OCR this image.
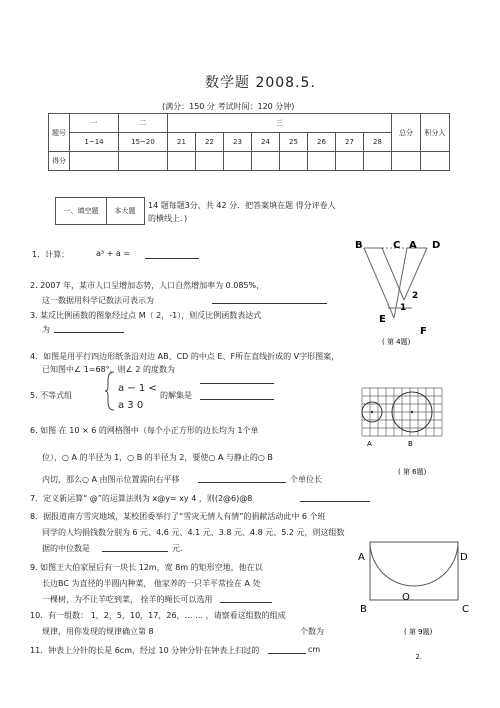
数学题 2008.5.
(满分：150 分 考试时间：120 分钟)
题号	一	二	三								总分	积分人
	1~14	15~20	21	22	23	24	25	26	27	28		
得分												
一、填空题	本大题
14 题每题3分，共 42 分．把答案填在题 得分评卷人
的横线上．)
1．计算：	a³ + a =
2. 2007 年，某市人口呈增加态势，人口自然增加率为 0.085%，
这一数据用科学记数法可表示为
3. 某反比例函数的图象经过点 M（ 2，-1），则反比例函数表达式
为
B	C A D
E
F
1
2
( 第 4题)
4．如图是用平行四边形纸条沿对边 AB、CD 的中点 E、F所在直线折成的 V字形图案，
已知图中∠ 1=68°，则∠ 2 的度数为
5. 不等式组
a − 1 <
a 3 0
的解集是
6. 如图 在 10 × 6 的网格图中（每个小正方形的边长均为 1个单
位），○ A 的半径为 1，○ B 的半径为 2，要使○ A 与静止的○ B
内切，那么○ A 由图示位置需向右平移	个单位长
A	B
( 第 6题)
7．定义新运算“ @”的运算法则为 x@y= xy 4 ，则(2@6)@8
8．据报道南方雪灾地域，某校团委举行了“雪灾无情人有情”的捐献活动此中 6 个班
同学的人均捐钱数分别为 6 元、4.6 元、4.1 元、3.8 元、4.8 元、5.2 元，则这组数
据的中位数是	元．
A	D
O
B	C
( 第 9题)
9. 如图王大伯家屋后有一块长 12m，宽 8m 的矩形空地，他在以
长边BC 为直径的半圆内种菜， 他家养的一只羊平常拴在 A 处
一棵树，为不让羊吃到菜， 拴羊的绳长可以选用
10．有一组数： 1，2，5，10，17，26，… … ，请察看这组数的组成
规律，用你发现的规律确立第 8	个数为
11．钟表上分针的长是 6cm，经过 10 分钟分针在钟表上扫过的	cm
2.
